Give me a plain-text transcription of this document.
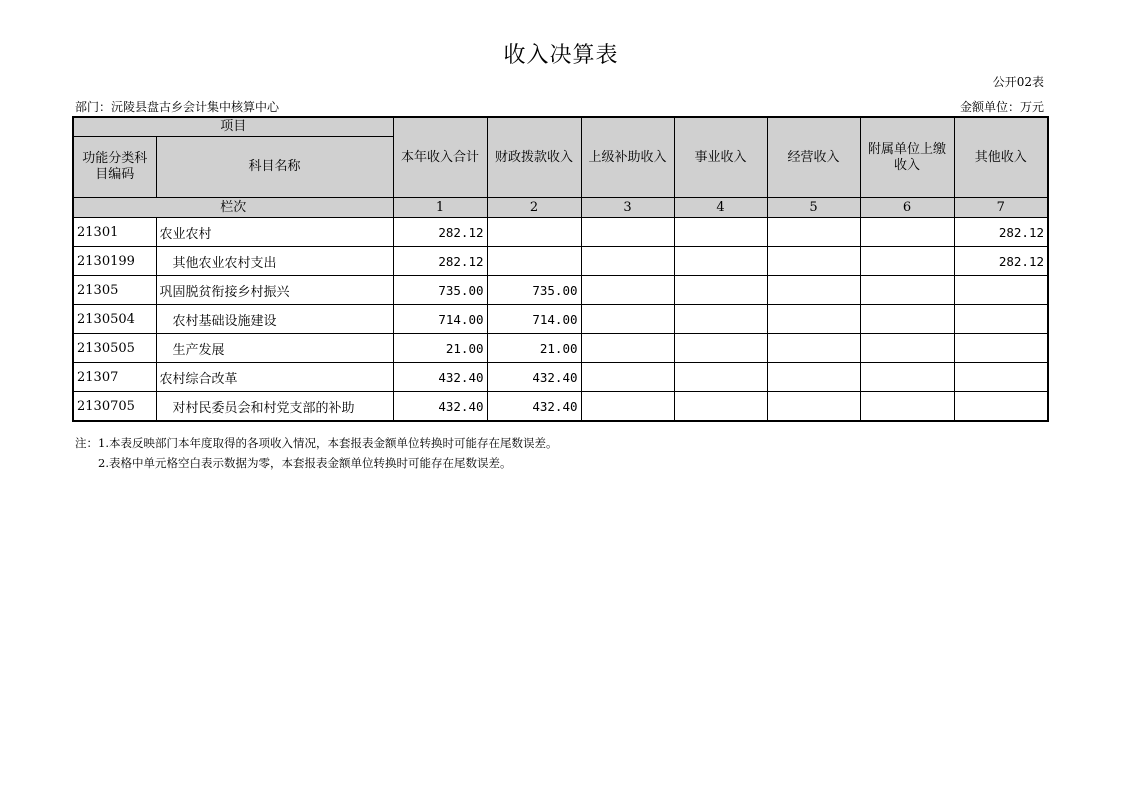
收入决算表
公开02表
部门：沅陵县盘古乡会计集中核算中心	金额单位：万元
项目		本年收入合计	财政拨款收入	上级补助收入	事业收入	经营收入	附属单位上缴收入	其他收入
功能分类科目编码	科目名称							
栏次		1	2	3	4	5	6	7
21301	农业农村	282.12						282.12
2130199	其他农业农村支出	282.12						282.12
21305	巩固脱贫衔接乡村振兴	735.00	735.00					
2130504	农村基础设施建设	714.00	714.00					
2130505	生产发展	21.00	21.00					
21307	农村综合改革	432.40	432.40					
2130705	对村民委员会和村党支部的补助	432.40	432.40					
注：1.本表反映部门本年度取得的各项收入情况，本套报表金额单位转换时可能存在尾数误差。
2.表格中单元格空白表示数据为零，本套报表金额单位转换时可能存在尾数误差。
